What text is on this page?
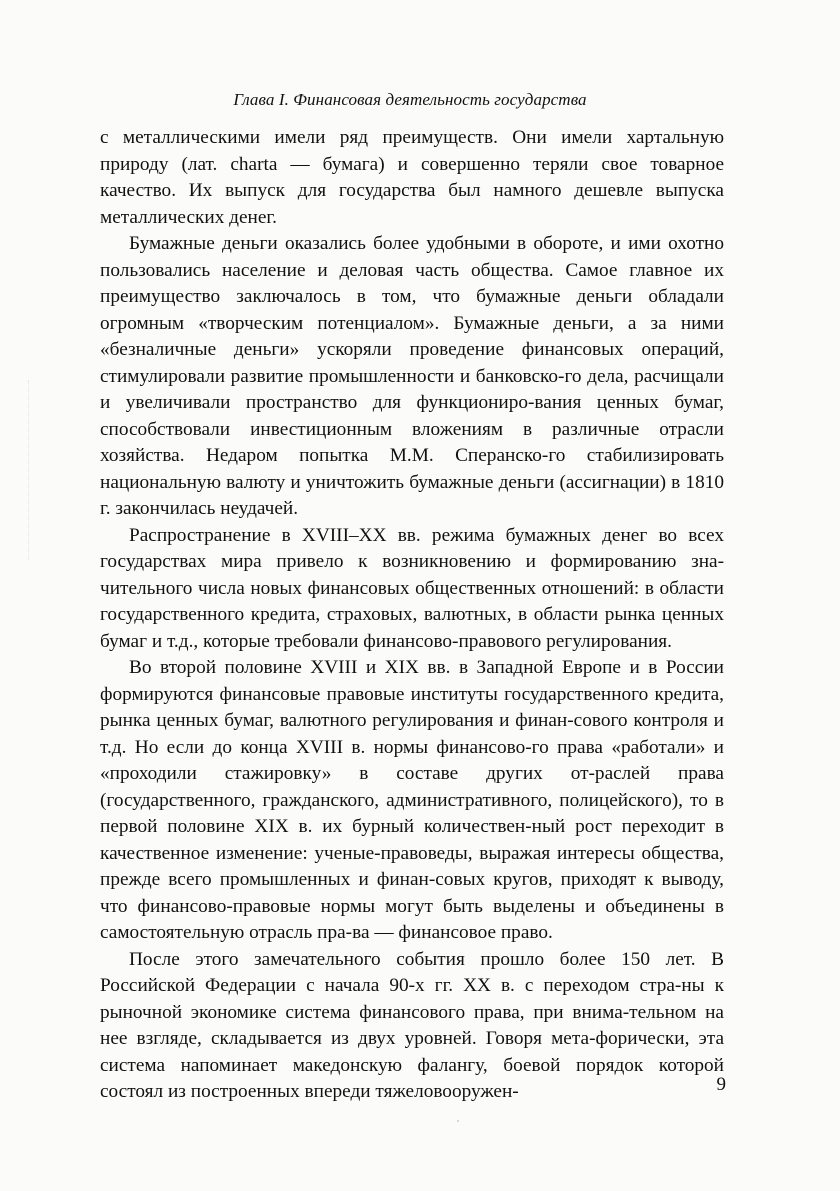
Глава I. Финансовая деятельность государства

с металлическими имели ряд преимуществ. Они имели хартальную природу (лат. charta — бумага) и совершенно теряли свое товарное качество. Их выпуск для государства был намного дешевле выпуска металлических денег.

Бумажные деньги оказались более удобными в обороте, и ими охотно пользовались население и деловая часть общества. Самое главное их преимущество заключалось в том, что бумажные деньги обладали огромным «творческим потенциалом». Бумажные деньги, а за ними «безналичные деньги» ускоряли проведение финансовых операций, стимулировали развитие промышленности и банковско-го дела, расчищали и увеличивали пространство для функциониро-вания ценных бумаг, способствовали инвестиционным вложениям в различные отрасли хозяйства. Недаром попытка М.М. Сперанско-го стабилизировать национальную валюту и уничтожить бумажные деньги (ассигнации) в 1810 г. закончилась неудачей.

Распространение в XVIII–XX вв. режима бумажных денег во всех государствах мира привело к возникновению и формированию зна-чительного числа новых финансовых общественных отношений: в области государственного кредита, страховых, валютных, в области рынка ценных бумаг и т.д., которые требовали финансово-правового регулирования.

Во второй половине XVIII и XIX вв. в Западной Европе и в России формируются финансовые правовые институты государственного кредита, рынка ценных бумаг, валютного регулирования и финан-сового контроля и т.д. Но если до конца XVIII в. нормы финансово-го права «работали» и «проходили стажировку» в составе других от-раслей права (государственного, гражданского, административного, полицейского), то в первой половине XIX в. их бурный количествен-ный рост переходит в качественное изменение: ученые-правоведы, выражая интересы общества, прежде всего промышленных и финан-совых кругов, приходят к выводу, что финансово-правовые нормы могут быть выделены и объединены в самостоятельную отрасль пра-ва — финансовое право.

После этого замечательного события прошло более 150 лет. В Российской Федерации с начала 90-х гг. XX в. с переходом стра-ны к рыночной экономике система финансового права, при внима-тельном на нее взгляде, складывается из двух уровней. Говоря мета-форически, эта система напоминает македонскую фалангу, боевой порядок которой состоял из построенных впереди тяжеловооружен-	9
